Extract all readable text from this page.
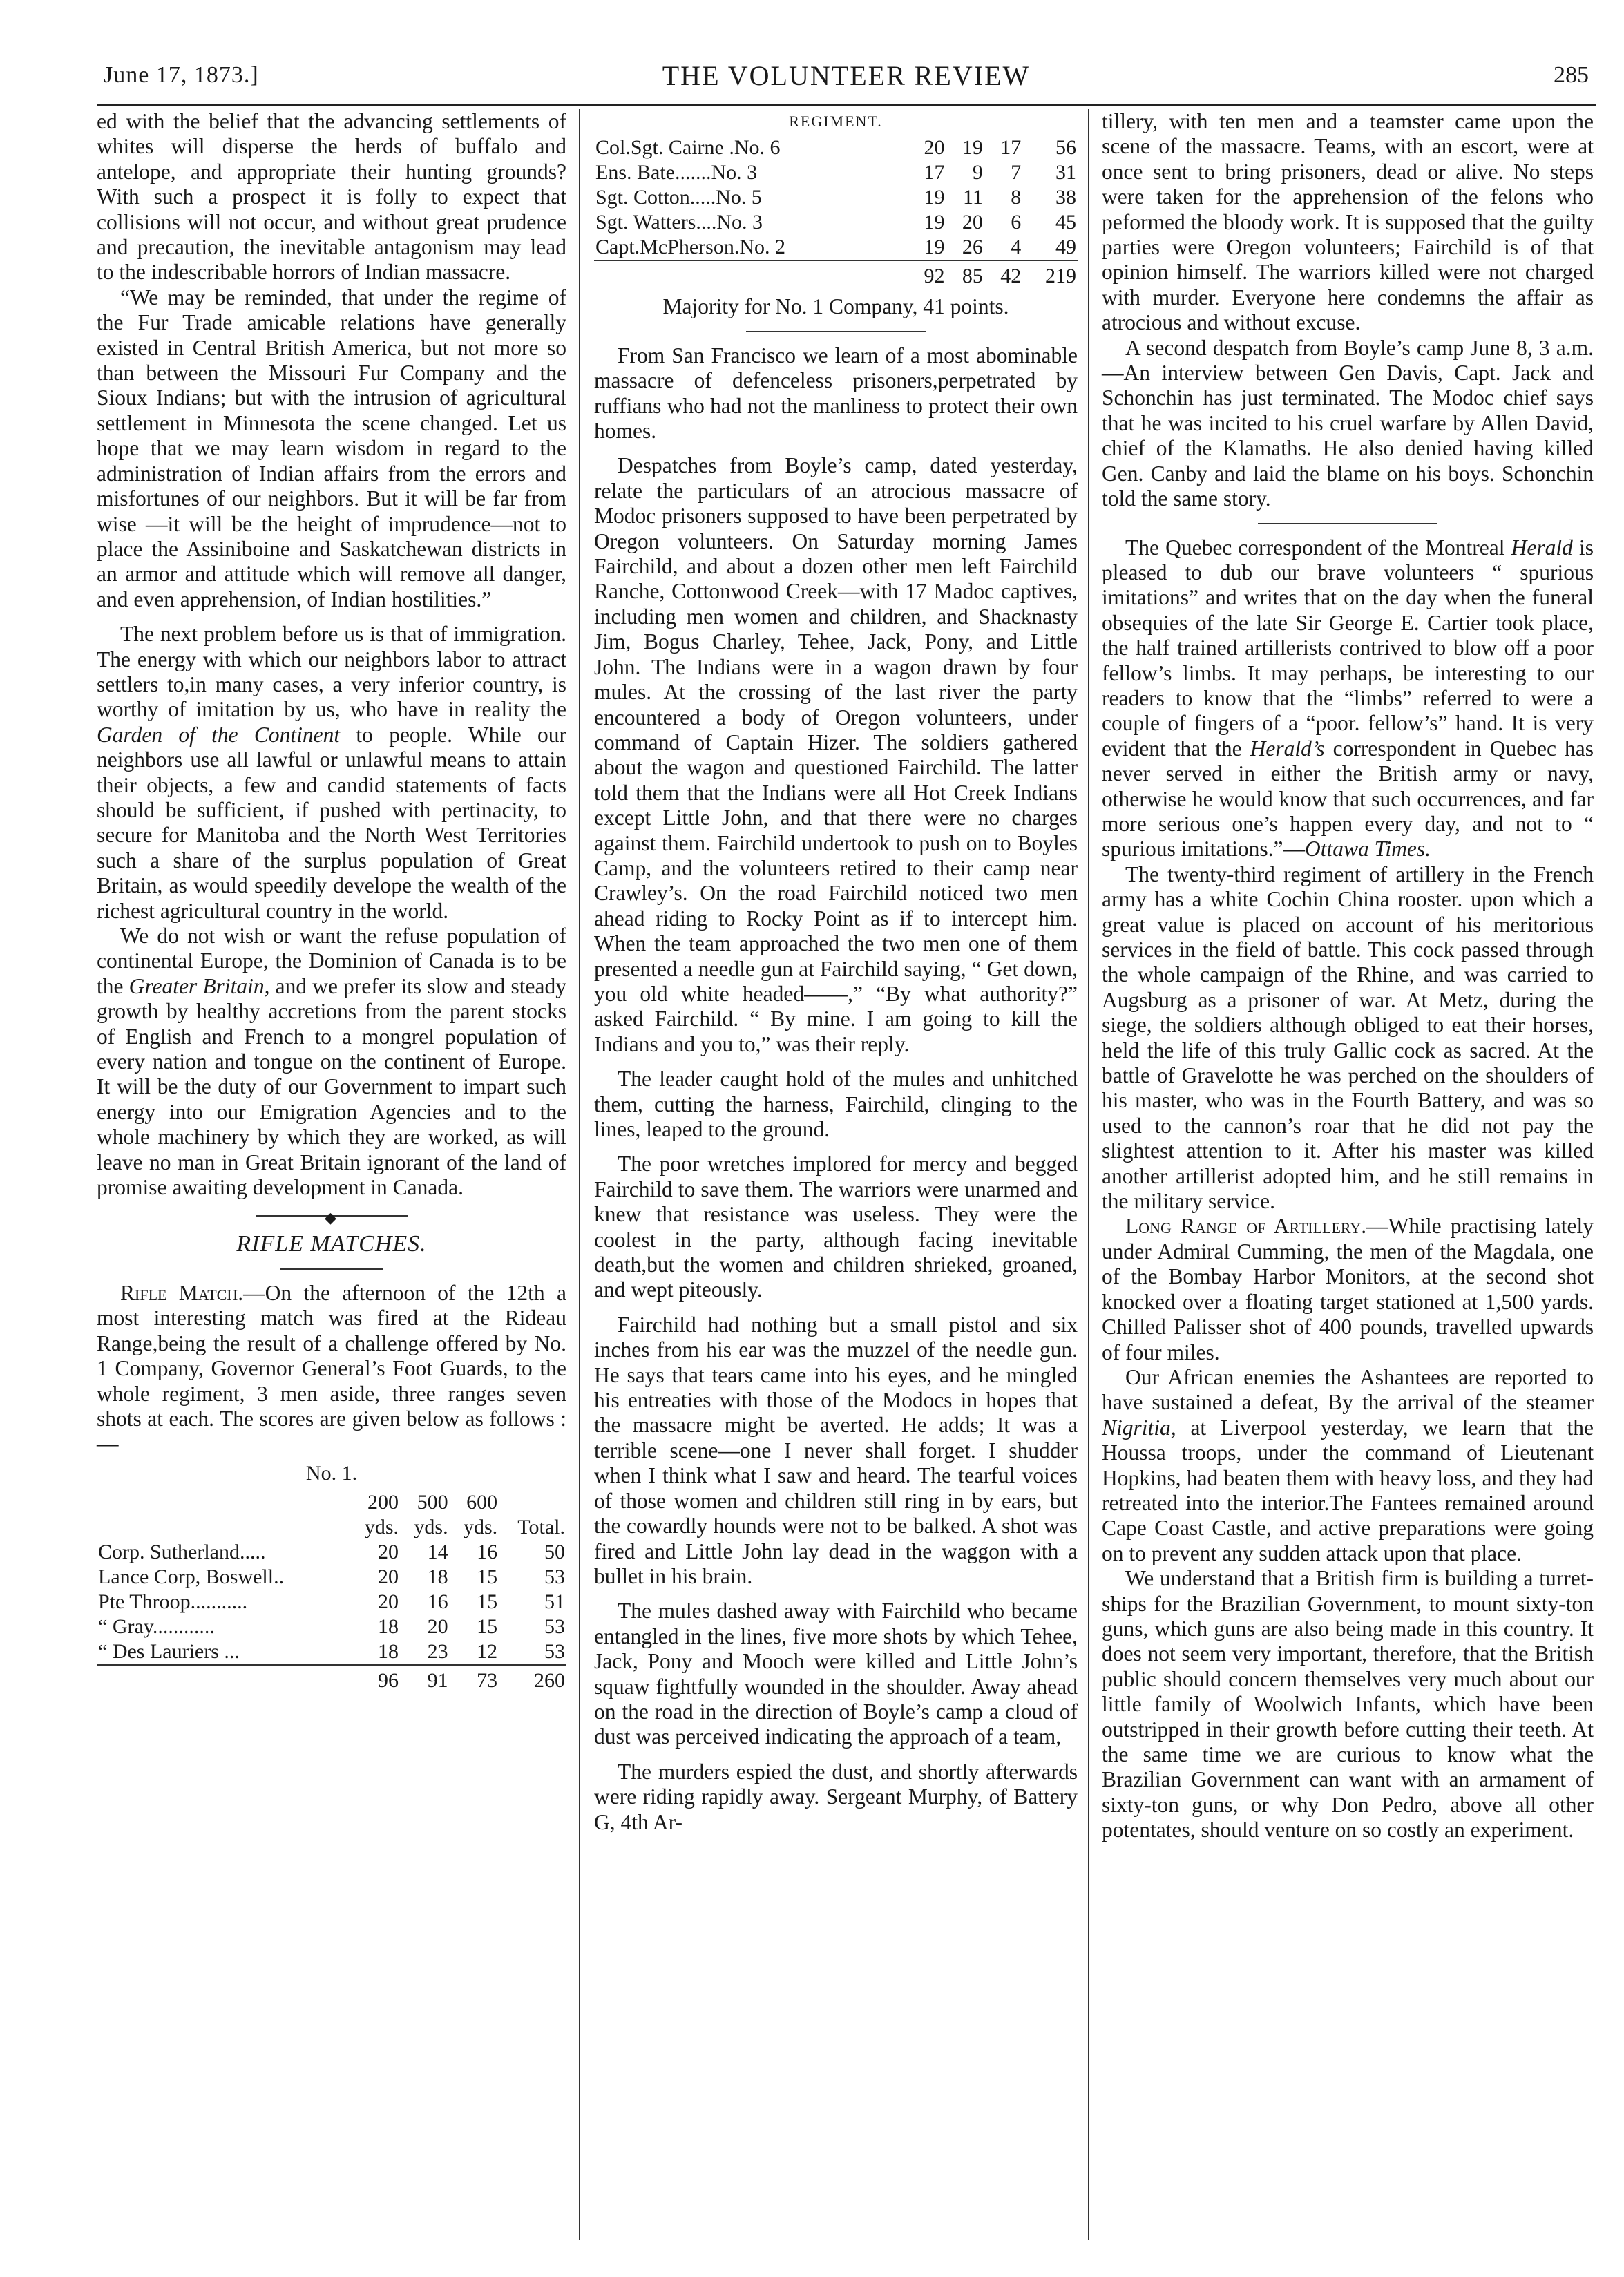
June 17, 1873.]	THE VOLUNTEER REVIEW	285

ed with the belief that the advancing settlements of whites will disperse the herds of buffalo and antelope, and appropriate their hunting grounds? With such a prospect it is folly to expect that collisions will not occur, and without great prudence and precaution, the inevitable antagonism may lead to the indescribable horrors of Indian massacre.

“We may be reminded, that under the regime of the Fur Trade amicable relations have generally existed in Central British America, but not more so than between the Missouri Fur Company and the Sioux Indians; but with the intrusion of agricultural settlement in Minnesota the scene changed. Let us hope that we may learn wisdom in regard to the administration of Indian affairs from the errors and misfortunes of our neighbors. But it will be far from wise —it will be the height of imprudence—not to place the Assiniboine and Saskatchewan districts in an armor and attitude which will remove all danger, and even apprehension, of Indian hostilities.”

The next problem before us is that of immigration. The energy with which our neighbors labor to attract settlers to,in many cases, a very inferior country, is worthy of imitation by us, who have in reality the Garden of the Continent to people. While our neighbors use all lawful or unlawful means to attain their objects, a few and candid statements of facts should be sufficient, if pushed with pertinacity, to secure for Manitoba and the North West Territories such a share of the surplus population of Great Britain, as would speedily develope the wealth of the richest agricultural country in the world.

We do not wish or want the refuse population of continental Europe, the Dominion of Canada is to be the Greater Britain, and we prefer its slow and steady growth by healthy accretions from the parent stocks of English and French to a mongrel population of every nation and tongue on the continent of Europe. It will be the duty of our Government to impart such energy into our Emigration Agencies and to the whole machinery by which they are worked, as will leave no man in Great Britain ignorant of the land of promise awaiting development in Canada.

◆
RIFLE MATCHES.

Rifle Match.—On the afternoon of the 12th a most interesting match was fired at the Rideau Range,being the result of a challenge offered by No. 1 Company, Governor General’s Foot Guards, to the whole regiment, 3 men aside, three ranges seven shots at each. The scores are given below as follows :—

No. 1.
	200	500	600	
	yds.	yds.	yds.	Total.
Corp. Sutherland.....	20	14	16	50
Lance Corp, Boswell..	20	18	15	53
Pte Throop...........	20	16	15	51
“ Gray............	18	20	15	53
“ Des Lauriers ...	18	23	12	53
	96	91	73	260
REGIMENT.
Col.Sgt. Cairne .No. 6	20	19	17	56
Ens. Bate.......No. 3	17	9	7	31
Sgt. Cotton.....No. 5	19	11	8	38
Sgt. Watters....No. 3	19	20	6	45
Capt.McPherson.No. 2	19	26	4	49
	92	85	42	219

Majority for No. 1 Company, 41 points.

From San Francisco we learn of a most abominable massacre of defenceless prisoners,perpetrated by ruffians who had not the manliness to protect their own homes.

Despatches from Boyle’s camp, dated yesterday, relate the particulars of an atrocious massacre of Modoc prisoners supposed to have been perpetrated by Oregon volunteers. On Saturday morning James Fairchild, and about a dozen other men left Fairchild Ranche, Cottonwood Creek—with 17 Madoc captives, including men women and children, and Shacknasty Jim, Bogus Charley, Tehee, Jack, Pony, and Little John. The Indians were in a wagon drawn by four mules. At the crossing of the last river the party encountered a body of Oregon volunteers, under command of Captain Hizer. The soldiers gathered about the wagon and questioned Fairchild. The latter told them that the Indians were all Hot Creek Indians except Little John, and that there were no charges against them. Fairchild undertook to push on to Boyles Camp, and the volunteers retired to their camp near Crawley’s. On the road Fairchild noticed two men ahead riding to Rocky Point as if to intercept him. When the team approached the two men one of them presented a needle gun at Fairchild saying, “ Get down, you old white headed——,” “By what authority?” asked Fairchild. “ By mine. I am going to kill the Indians and you to,” was their reply.

The leader caught hold of the mules and unhitched them, cutting the harness, Fairchild, clinging to the lines, leaped to the ground.

The poor wretches implored for mercy and begged Fairchild to save them. The warriors were unarmed and knew that resistance was useless. They were the coolest in the party, although facing inevitable death,but the women and children shrieked, groaned, and wept piteously.

Fairchild had nothing but a small pistol and six inches from his ear was the muzzel of the needle gun. He says that tears came into his eyes, and he mingled his entreaties with those of the Modocs in hopes that the massacre might be averted. He adds; It was a terrible scene—one I never shall forget. I shudder when I think what I saw and heard. The tearful voices of those women and children still ring in by ears, but the cowardly hounds were not to be balked. A shot was fired and Little John lay dead in the waggon with a bullet in his brain.

The mules dashed away with Fairchild who became entangled in the lines, five more shots by which Tehee, Jack, Pony and Mooch were killed and Little John’s squaw fightfully wounded in the shoulder. Away ahead on the road in the direction of Boyle’s camp a cloud of dust was perceived indicating the approach of a team,

The murders espied the dust, and shortly afterwards were riding rapidly away. Sergeant Murphy, of Battery G, 4th Ar-

tillery, with ten men and a teamster came upon the scene of the massacre. Teams, with an escort, were at once sent to bring prisoners, dead or alive. No steps were taken for the apprehension of the felons who peformed the bloody work. It is supposed that the guilty parties were Oregon volunteers; Fairchild is of that opinion himself. The warriors killed were not charged with murder. Everyone here condemns the affair as atrocious and without excuse.

A second despatch from Boyle’s camp June 8, 3 a.m.—An interview between Gen Davis, Capt. Jack and Schonchin has just terminated. The Modoc chief says that he was incited to his cruel warfare by Allen David, chief of the Klamaths. He also denied having killed Gen. Canby and laid the blame on his boys. Schonchin told the same story.

The Quebec correspondent of the Montreal Herald is pleased to dub our brave volunteers “ spurious imitations” and writes that on the day when the funeral obsequies of the late Sir George E. Cartier took place, the half trained artillerists contrived to blow off a poor fellow’s limbs. It may perhaps, be interesting to our readers to know that the “limbs” referred to were a couple of fingers of a “poor. fellow’s” hand. It is very evident that the Herald’s correspondent in Quebec has never served in either the British army or navy, otherwise he would know that such occurrences, and far more serious one’s happen every day, and not to “ spurious imitations.”—Ottawa Times.

The twenty-third regiment of artillery in the French army has a white Cochin China rooster. upon which a great value is placed on account of his meritorious services in the field of battle. This cock passed through the whole campaign of the Rhine, and was carried to Augsburg as a prisoner of war. At Metz, during the siege, the soldiers although obliged to eat their horses, held the life of this truly Gallic cock as sacred. At the battle of Gravelotte he was perched on the shoulders of his master, who was in the Fourth Battery, and was so used to the cannon’s roar that he did not pay the slightest attention to it. After his master was killed another artillerist adopted him, and he still remains in the military service.

Long Range of Artillery.—While practising lately under Admiral Cumming, the men of the Magdala, one of the Bombay Harbor Monitors, at the second shot knocked over a floating target stationed at 1,500 yards. Chilled Palisser shot of 400 pounds, travelled upwards of four miles.

Our African enemies the Ashantees are reported to have sustained a defeat, By the arrival of the steamer Nigritia, at Liverpool yesterday, we learn that the Houssa troops, under the command of Lieutenant Hopkins, had beaten them with heavy loss, and they had retreated into the interior.The Fantees remained around Cape Coast Castle, and active preparations were going on to prevent any sudden attack upon that place.

We understand that a British firm is building a turret-ships for the Brazilian Government, to mount sixty-ton guns, which guns are also being made in this country. It does not seem very important, therefore, that the British public should concern themselves very much about our little family of Woolwich Infants, which have been outstripped in their growth before cutting their teeth. At the same time we are curious to know what the Brazilian Government can want with an armament of sixty-ton guns, or why Don Pedro, above all other potentates, should venture on so costly an experiment.
